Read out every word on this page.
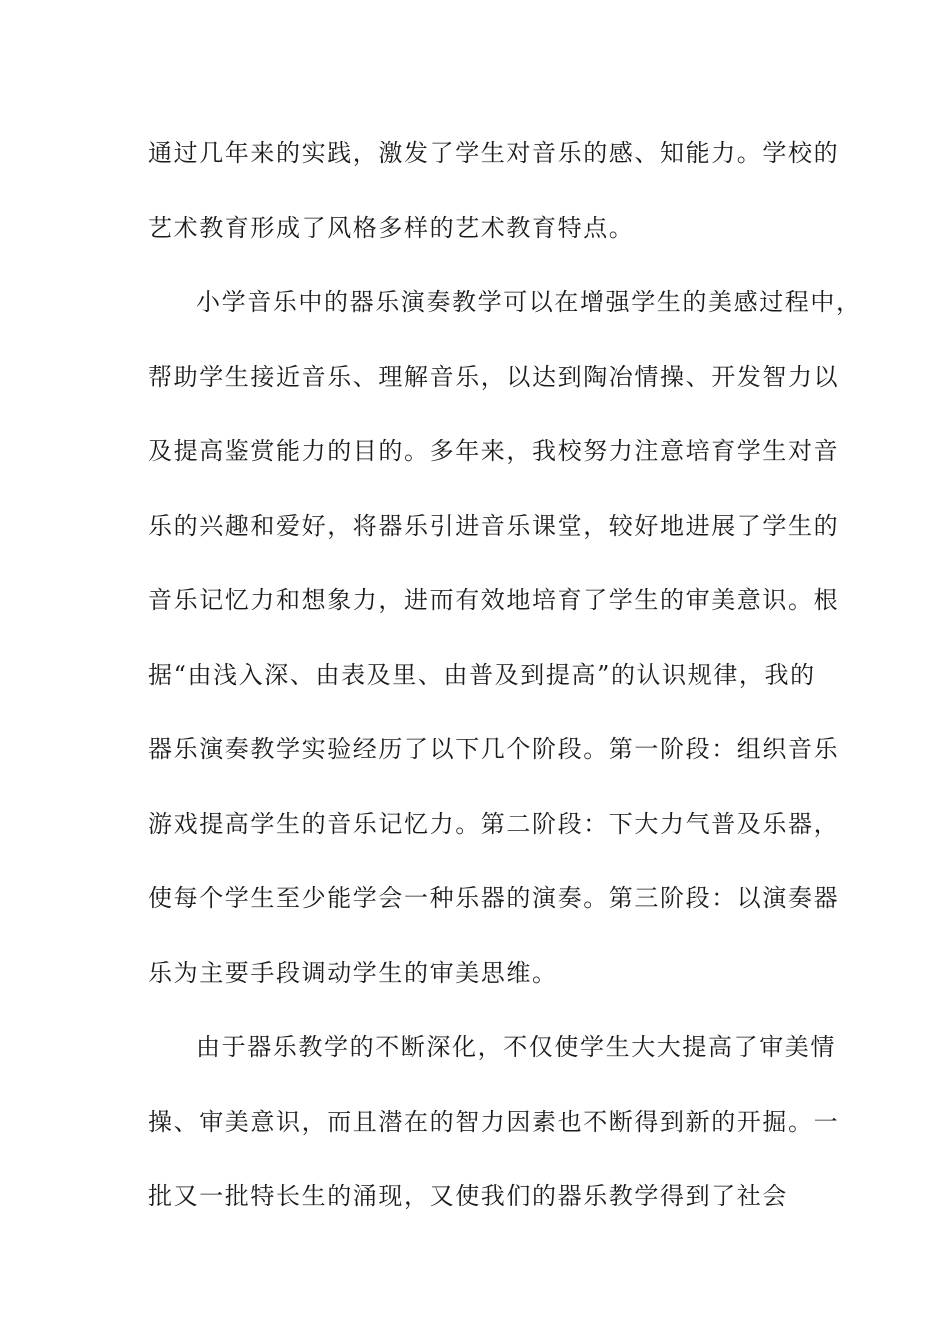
通过几年来的实践，激发了学生对音乐的感、知能力。学校的
艺术教育形成了风格多样的艺术教育特点。
小学音乐中的器乐演奏教学可以在增强学生的美感过程中，
帮助学生接近音乐、理解音乐，以达到陶冶情操、开发智力以
及提高鉴赏能力的目的。多年来，我校努力注意培育学生对音
乐的兴趣和爱好，将器乐引进音乐课堂，较好地进展了学生的
音乐记忆力和想象力，进而有效地培育了学生的审美意识。根
据“由浅入深、由表及里、由普及到提高”的认识规律，我的
器乐演奏教学实验经历了以下几个阶段。第一阶段：组织音乐
游戏提高学生的音乐记忆力。第二阶段：下大力气普及乐器，
使每个学生至少能学会一种乐器的演奏。第三阶段：以演奏器
乐为主要手段调动学生的审美思维。
由于器乐教学的不断深化，不仅使学生大大提高了审美情
操、审美意识，而且潜在的智力因素也不断得到新的开掘。一
批又一批特长生的涌现，又使我们的器乐教学得到了社会
